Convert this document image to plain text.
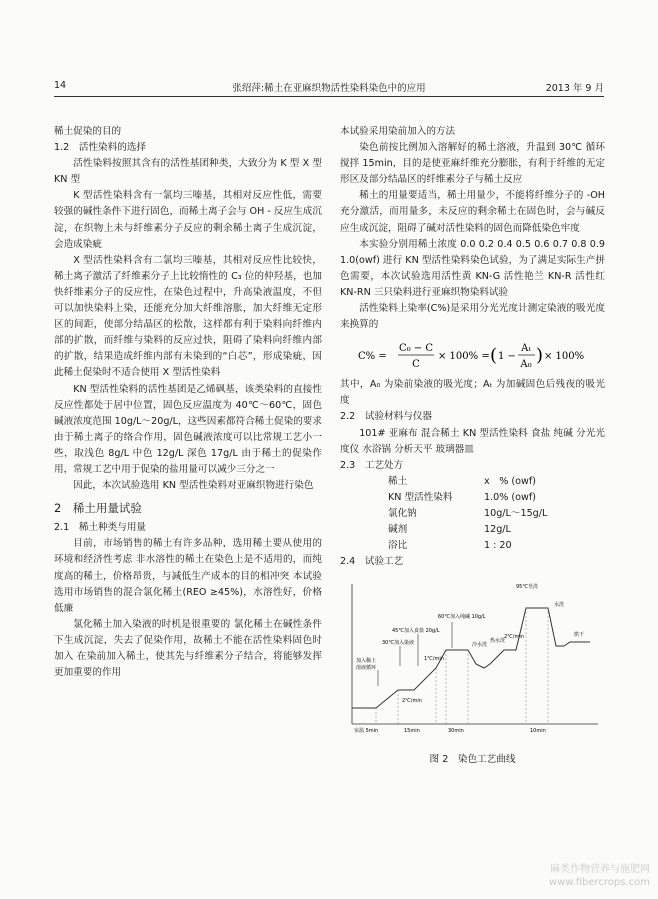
14	张绍萍:稀土在亚麻织物活性染料染色中的应用	2013 年 9 月

稀土促染的目的

1.2　活性染料的选择

活性染料按照其含有的活性基团种类，大致分为 K 型 X 型 KN 型

K 型活性染料含有一氯均三嗪基，其相对反应性低，需要较强的碱性条件下进行固色，而稀土离子会与 OH - 反应生成沉淀，在织物上未与纤维素分子反应的剩余稀土离子生成沉淀，会造成染疵

X 型活性染料含有二氯均三嗪基，其相对反应性比较快，稀土离子激活了纤维素分子上比较惰性的 C₃ 位的仲羟基，也加快纤维素分子的反应性，在染色过程中，升高染液温度，不但可以加快染料上染，还能充分加大纤维溶胀，加大纤维无定形区的间距，使部分结晶区的松散，这样都有利于染料向纤维内部的扩散，而纤维与染料的反应过快，阻碍了染料向纤维内部的扩散，结果造成纤维内部有未染到的“白芯”，形成染疵，因此稀土促染时不适合使用 X 型活性染料

KN 型活性染料的活性基团是乙烯砜基，该类染料的直接性 反应性都处于居中位置，固色反应温度为 40℃～60℃，固色碱液浓度范围 10g/L～20g/L，这些因素都符合稀土促染的要求 由于稀土离子的络合作用，固色碱液浓度可以比常规工艺小一些，取浅色 8g/L 中色 12g/L 深色 17g/L 由于稀土的促染作用，常规工艺中用于促染的盐用量可以减少三分之一

因此，本次试验选用 KN 型活性染料对亚麻织物进行染色

2　稀土用量试验

2.1　稀土种类与用量

目前，市场销售的稀土有许多品种，选用稀土要从使用的环境和经济性考虑 非水溶性的稀土在染色上是不适用的，而纯度高的稀土，价格昂贵，与减低生产成本的目的相冲突 本试验选用市场销售的混合氯化稀土(REO ≥45%)，水溶性好，价格低廉

氯化稀土加入染液的时机是很重要的 氯化稀土在碱性条件下生成沉淀，失去了促染作用，故稀土不能在活性染料固色时加入 在染前加入稀土，使其先与纤维素分子结合，将能够发挥更加重要的作用

本试验采用染前加入的方法

染色前按比例加入溶解好的稀土溶液，升温到 30℃ 循环搅拌 15min，目的是使亚麻纤维充分膨胀，有利于纤维的无定形区及部分结晶区的纤维素分子与稀土反应

稀土的用量要适当，稀土用量少，不能将纤维分子的 -OH 充分激活，而用量多，未反应的剩余稀土在固色时，会与碱反应生成沉淀，阻碍了碱对活性染料的固色而降低染色牢度

本实验分别用稀土浓度 0.0 0.2 0.4 0.5 0.6 0.7 0.8 0.9 1.0(owf) 进行 KN 型活性染料染色试验，为了满足实际生产拼色需要，本次试验选用活性黄 KN-G 活性艳兰 KN-R 活性红 KN-RN 三只染料进行亚麻织物染料试验

活性染料上染率(C%)是采用分光光度计测定染液的吸光度来换算的

C% =
C₀ − C
C
× 100% = ( 1 −
Aₜ
A₀ ) × 100%

其中，A₀ 为染前染液的吸光度；Aₜ 为加碱固色后残夜的吸光度

2.2　试验材料与仪器

101# 亚麻布 混合稀土 KN 型活性染料 食盐 纯碱 分光光度仪 水浴锅 分析天平 玻璃器皿

2.3　工艺处方

稀土	x　% (owf)
KN 型活性染料	1.0% (owf)
氯化钠	10g/L～15g/L
碱剂	12g/L
浴比	1 : 20

2.4　试验工艺

95℃皂洗
水洗
60℃加入纯碱 10g/L
45℃加入食盐 20g/L
30℃加入染液
加入稀土
溶液循环
1℃/min
2℃/min
2℃/min
冷水洗
热水洗
烘干
室温 5min	15min	30min	10min
图 2　染色工艺曲线
麻类作物营养与施肥网
www.fibercrops.com
